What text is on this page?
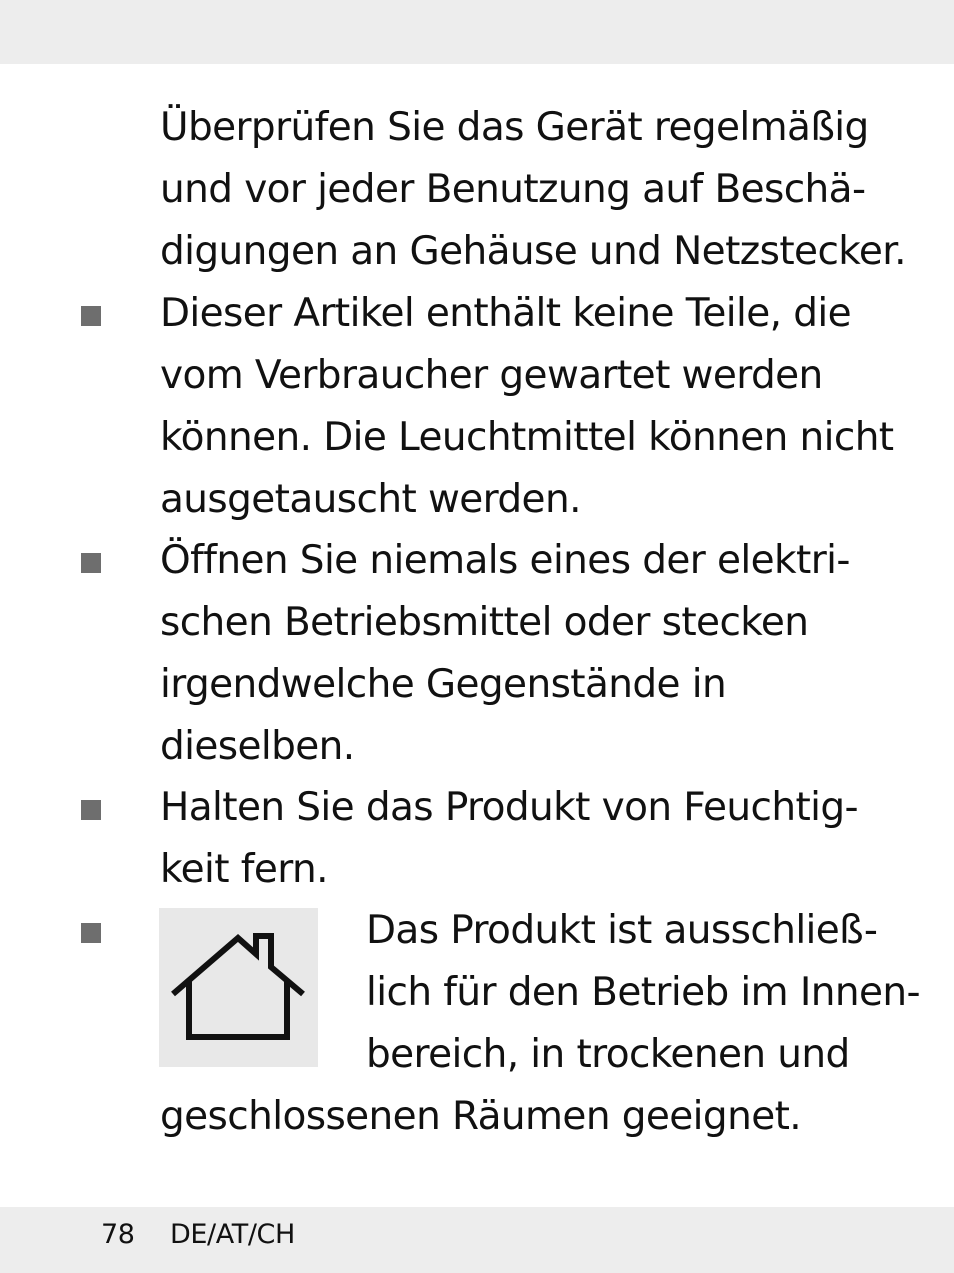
Überprüfen Sie das Gerät regelmäßig
und vor jeder Benutzung auf Beschä-
digungen an Gehäuse und Netzstecker.
Dieser Artikel enthält keine Teile, die
vom Verbraucher gewartet werden
können. Die Leuchtmittel können nicht
ausgetauscht werden.
Öffnen Sie niemals eines der elektri-
schen Betriebsmittel oder stecken
irgendwelche Gegenstände in
dieselben.
Halten Sie das Produkt von Feuchtig-
keit fern.
Das Produkt ist ausschließ-
lich für den Betrieb im Innen-
bereich, in trockenen und
geschlossenen Räumen geeignet.
78 DE/AT/CH
